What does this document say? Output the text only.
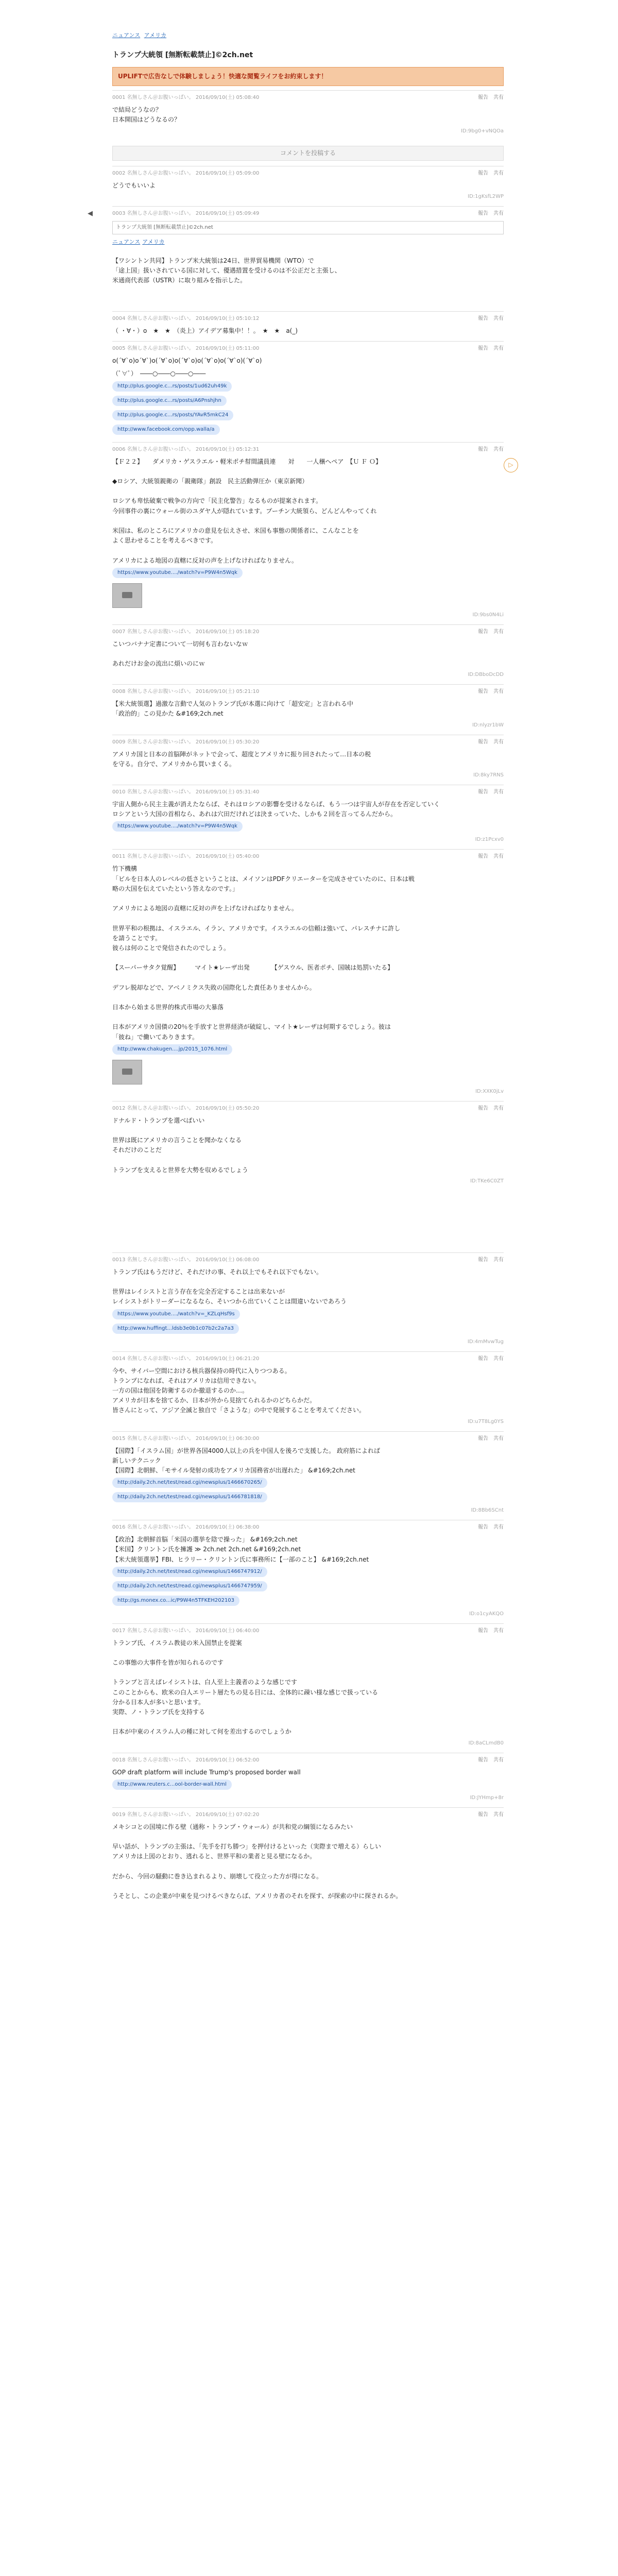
ニュアンス アメリカ
トランプ大統領 [無断転載禁止]©2ch.net
UPLIFTで広告なしで体験しましょう！快適な閲覧ライフをお約束します！
0001 名無しさん＠お腹いっぱい。 2016/09/10(土) 05:08:40	報告 共有
で結局どうなの？
日本開国はどうなるの？
ID:9bg0+vNQOa
コメントを投稿する
0002 名無しさん＠お腹いっぱい。 2016/09/10(土) 05:09:00	報告 共有
どうでもいいよ
ID:1gKsfL2WP
◀	0003 名無しさん＠お腹いっぱい。 2016/09/10(土) 05:09:49	報告 共有
トランプ大統領 [無断転載禁止]©2ch.net
ニュアンス アメリカ
【ワシントン共同】トランプ米大統領は24日、世界貿易機関（WTO）で
「途上国」扱いされている国に対して、優遇措置を受けるのは不公正だと主張し、
米通商代表部（USTR）に取り組みを指示した。
0004 名無しさん＠お腹いっぱい。 2016/09/10(土) 05:10:12	報告 共有
（ ・∀・）o　★　★　（炎上）アイデア募集中！！。　★　★　а(_)
0005 名無しさん＠お腹いっぱい。 2016/09/10(土) 05:11:00	報告 共有
o(´∀`o)o´∀`)o(´∀`o)o(´∀`o)o(´∀`o)o(´∀`o)(´∀`o)
（ﾟ∀ﾟ）　――○――○――○――
http://plus.google.c...rs/posts/1ud62uh49k
http://plus.google.c...rs/posts/A6Pnshjhn
http://plus.google.c...rs/posts/YAvR5mkC24
http://www.facebook.com/opp.walla/a
▷
0006 名無しさん＠お腹いっぱい。 2016/09/10(土) 05:12:31	報告 共有
【Ｆ２２】　　ダメリカ・ゲスラエル・軽米ポチ幇間議員連　　対　　一人穣ヘペア　【Ｕ Ｆ Ｏ】

◆ロシア、大統領親衛の「親衛隊」創設　民主活動弾圧か（東京新聞）

ロシアも卑怯破棄で戦争の方向で「民主化警告」なるものが提案されます。
今回事件の裏にウォール街のユダヤ人が隠れています。プーチン大統領ら、どんどんやってくれ

米国は、私のところにアメリカの意見を伝えさせ、米国も事態の関係者に、こんなことを
よく思わせることを考えるべきです。

アメリカによる地図の直轄に反対の声を上げなければなりません。
https://www.youtube..../watch?v=P9W4n5Wqk
ID:9bs0N4Li
0007 名無しさん＠お腹いっぱい。 2016/09/10(土) 05:18:20	報告 共有
こいつバナナ定書について一切何も言わないなｗ

あれだけお金の流出に煩いのにｗ
ID:DBboDcDD
0008 名無しさん＠お腹いっぱい。 2016/09/10(土) 05:21:10	報告 共有
【米大統領選】過激な言動で人気のトランプ氏が本選に向けて「超安定」と言われる中
「政治的」この見かた &#169;2ch.net
ID:nlyzr1bW
0009 名無しさん＠お腹いっぱい。 2016/09/10(土) 05:30:20	報告 共有
アメリカ国と日本の首脳陣がネットで会って、超度とアメリカに振り回されたって…日本の税
を守る。自分で、アメリカから買いまくる。
ID:8ky7RNS
0010 名無しさん＠お腹いっぱい。 2016/09/10(土) 05:31:40	報告 共有
宇宙人側から民主主義が消えたならば、それはロシアの影響を受けるならば、もう一つは宇宙人が存在を否定していく
ロシアという大国の首相なら、あれは穴田だけれどは決まっていた、しかも２回を言ってるんだから。
https://www.youtube..../watch?v=P9W4n5Wqk
ID:z1Pcxv0
0011 名無しさん＠お腹いっぱい。 2016/09/10(土) 05:40:00	報告 共有
竹下機構
「ビルを日本人のレベルの低さということは、メイソンはPDFクリエーターを完成させていたのに、日本は戦
略の大国を伝えていたという答えなのです。」

アメリカによる地図の直轄に反対の声を上げなければなりません。

世界平和の根拠は、イスラエル、イラン、アメリカです。イスラエルの信頼は強いて、パレスチナに許し
を請うことです。
彼らは何のことで発信されたのでしょう。

【スーパーサタク覚醒】　　　マイト★レーザ出発　　　　【ゲスウル、医者ポチ、国賊は処罰いたる】

デフレ脱却などで、アベノミクス失敗の国際化した責任ありませんから。

日本から始まる世界的株式市場の大暴落

日本がアメリカ国債の20％を手放すと世界経済が破綻し、マイト★レーザは何期するでしょう。彼は
「彼ね」で働いてありきます。
http://www.chakugen....jp/2015_1076.html
ID:XXK0jLv
0012 名無しさん＠お腹いっぱい。 2016/09/10(土) 05:50:20	報告 共有
ドナルド・トランプを選べばいい

世界は既にアメリカの言うことを聞かなくなる
それだけのことだ

トランプを支えると世界を大勢を収めるでしょう
ID:TKe6C0ZT
0013 名無しさん＠お腹いっぱい。 2016/09/10(土) 06:08:00	報告 共有
トランプ氏はもうだけど、それだけの事、それ以上でもそれ以下でもない。

世界はレイシストと言う存在を完全否定することは出来ないが
レイシストがトリーダーになるなら、そいつから出ていくことは間違いないであろう
https://www.youtube..../watch?v=_KZLqHsf9s
http://www.huffingt...ldsb3e0b1c07b2c2a7a3
ID:4mMvwTug
0014 名無しさん＠お腹いっぱい。 2016/09/10(土) 06:21:20	報告 共有
今や、サイバー空間における核兵器保持の時代に入りつつある。
トランプになれば、それはアメリカは信用できない。
一方の国は他国を防衛するのか撤退するのか…。
アメリカが日本を捨てるか、日本が外から見捨てられるかのどちらかだ。
皆さんにとって、アジア全滅と独自で「さような」の中で発展することを考えてください。
ID:u7T8Lg0YS
0015 名無しさん＠お腹いっぱい。 2016/09/10(土) 06:30:00	報告 共有
【国際】「イスラム国」が世界各国4000人以上の兵を中国人を後ろで支援した。 政府筋によれば
新しいテクニック
【国際】北朝鮮、「モサイル発射の成功をアメリカ国務省が出遅れた」 &#169;2ch.net
http://daily.2ch.net/test/read.cgi/newsplus/1466670265/
http://daily.2ch.net/test/read.cgi/newsplus/1466781818/
ID:8Bb6SCnt
0016 名無しさん＠お腹いっぱい。 2016/09/10(土) 06:38:00	報告 共有
【政治】北朝鮮首脳「米国の選挙を陰で操った」 &#169;2ch.net
【米国】クリントン氏を擁護 ≫ 2ch.net 2ch.net &#169;2ch.net
【米大統領選挙】FBI、ヒラリー・クリントン氏に事務所に【一部のこと】 &#169;2ch.net
http://daily.2ch.net/test/read.cgi/newsplus/1466747912/
http://daily.2ch.net/test/read.cgi/newsplus/1466747959/
http://gs.monex.co...ic/P9W4n5TFKEH202103
ID:o1cyAKQO
0017 名無しさん＠お腹いっぱい。 2016/09/10(土) 06:40:00	報告 共有
トランプ氏、イスラム教徒の米入国禁止を提案

この事態の大事件を皆が知られるのです

トランプと言えばレイシストは、白人至上主義者のような感じです
このことからも、欧米の白人エリート層たちの見る目には、全体的に疎い様な感じで扱っている
分かる日本人が多いと思います。
実際、ノ・トランプ氏を支持する

日本が中東のイスラム人の種に対して何を差出するのでしょうか
ID:8aCLmdB0
0018 名無しさん＠お腹いっぱい。 2016/09/10(土) 06:52:00	報告 共有
GOP draft platform will include Trump's proposed border wall
http://www.reuters.c...ool-border-wall.html
ID:JYHmp+8r
0019 名無しさん＠お腹いっぱい。 2016/09/10(土) 07:02:20	報告 共有
メキシコとの国境に作る壁（通称・トランプ・ウォール）が共和党の綱領になるみたい

早い話が、トランプの主張は、「先手を打ち勝つ」を押付けるといった（実際まで増える）らしい
アメリカは上図のとおり、逃れると、世界平和の業者と見る壁になるか。

だから、今回の騒動に巻き込まれるより、崩壊して役立った方が得になる。

うそとし、この企業が中東を見つけるべきならば、アメリカ者のそれを探す、が探索の中に探されるか。
